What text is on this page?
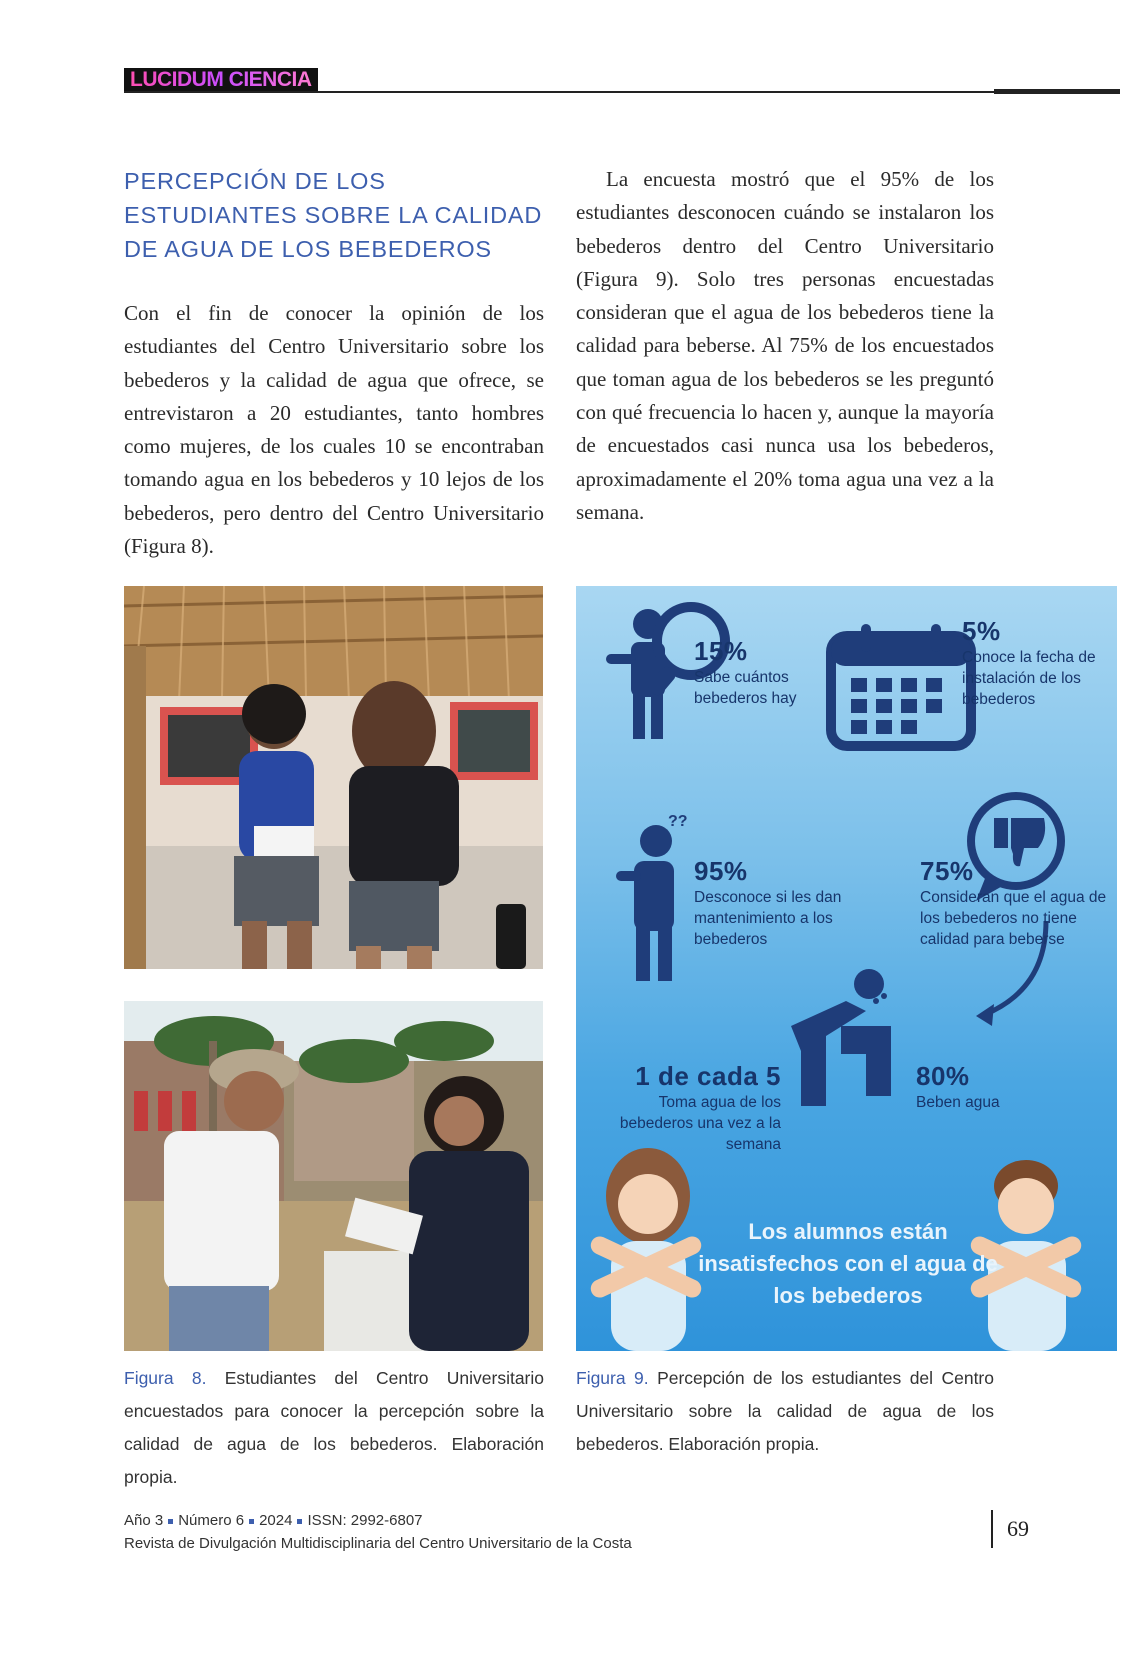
LUCIDUM CIENCIA
PERCEPCIÓN DE LOS ESTUDIANTES SOBRE LA CALIDAD DE AGUA DE LOS BEBEDEROS

Con el fin de conocer la opinión de los estudiantes del Centro Universitario sobre los bebederos y la calidad de agua que ofrece, se entrevistaron a 20 estudiantes, tanto hombres como mujeres, de los cuales 10 se encontraban tomando agua en los bebederos y 10 lejos de los bebederos, pero dentro del Centro Universitario (Figura 8).

La encuesta mostró que el 95% de los estudiantes desconocen cuándo se instalaron los bebederos dentro del Centro Universitario (Figura 9). Solo tres personas encuestadas consideran que el agua de los bebederos tiene la calidad para beberse. Al 75% de los encuestados que toman agua de los bebederos se les preguntó con qué frecuencia lo hacen y, aunque la mayoría de encuestados casi nunca usa los bebederos, aproximadamente el 20% toma agua una vez a la semana.

??
15%
Sabe cuántos bebederos hay
5%
Conoce la fecha de instalación de los bebederos
95%
Desconoce si les dan mantenimiento a los bebederos
75%
Consideran que el agua de los bebederos no tiene calidad para beberse
1 de cada 5
Toma agua de los bebederos una vez a la semana
80%
Beben agua
Los alumnos están insatisfechos con el agua de los bebederos
Figura 8. Estudiantes del Centro Universitario encuestados para conocer la percepción sobre la calidad de agua de los bebederos. Elaboración propia.
Figura 9. Percepción de los estudiantes del Centro Universitario sobre la calidad de agua de los bebederos. Elaboración propia.
Año 3 Número 6 2024 ISSN: 2992-6807
Revista de Divulgación Multidisciplinaria del Centro Universitario de la Costa
69
